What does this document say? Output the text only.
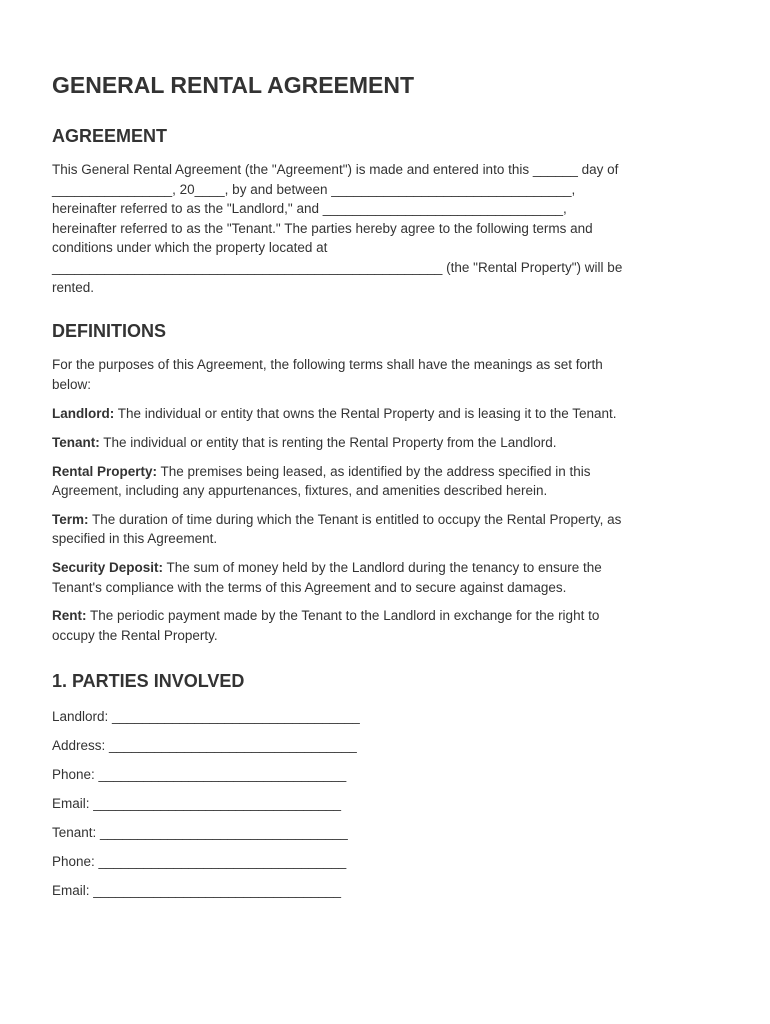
GENERAL RENTAL AGREEMENT
AGREEMENT

This General Rental Agreement (the "Agreement") is made and entered into this ______ day of
________________, 20____, by and between ________________________________,
hereinafter referred to as the "Landlord," and ________________________________,
hereinafter referred to as the "Tenant." The parties hereby agree to the following terms and
conditions under which the property located at
____________________________________________________ (the "Rental Property") will be
rented.

DEFINITIONS

For the purposes of this Agreement, the following terms shall have the meanings as set forth
below:

Landlord: The individual or entity that owns the Rental Property and is leasing it to the Tenant.

Tenant: The individual or entity that is renting the Rental Property from the Landlord.

Rental Property: The premises being leased, as identified by the address specified in this
Agreement, including any appurtenances, fixtures, and amenities described herein.

Term: The duration of time during which the Tenant is entitled to occupy the Rental Property, as
specified in this Agreement.

Security Deposit: The sum of money held by the Landlord during the tenancy to ensure the
Tenant's compliance with the terms of this Agreement and to secure against damages.

Rent: The periodic payment made by the Tenant to the Landlord in exchange for the right to
occupy the Rental Property.

1. PARTIES INVOLVED

Landlord: _________________________________

Address: _________________________________

Phone: _________________________________

Email: _________________________________

Tenant: _________________________________

Phone: _________________________________

Email: _________________________________
